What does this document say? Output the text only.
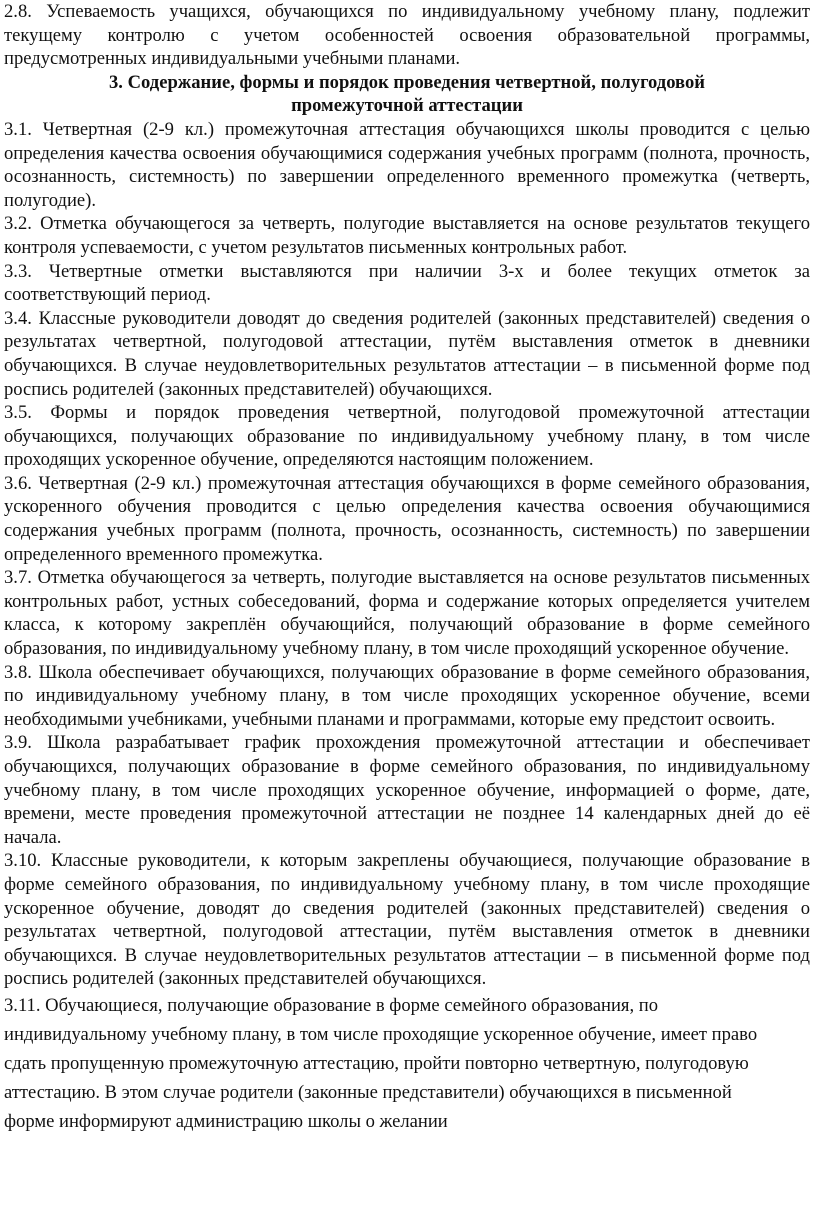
2.8. Успеваемость учащихся, обучающихся по индивидуальному учебному плану, подлежит текущему контролю с учетом особенностей освоения образовательной программы, предусмотренных индивидуальными учебными планами.

3. Содержание, формы и порядок проведения четвертной, полугодовой промежуточной аттестации

3.1. Четвертная (2-9 кл.) промежуточная аттестация обучающихся школы проводится с целью определения качества освоения обучающимися содержания учебных программ (полнота, прочность, осознанность, системность) по завершении определенного временного промежутка (четверть, полугодие).

3.2. Отметка обучающегося за четверть, полугодие выставляется на основе результатов текущего контроля успеваемости, с учетом результатов письменных контрольных работ.

3.3. Четвертные отметки выставляются при наличии 3-х и более текущих отметок за соответствующий период.

3.4. Классные руководители доводят до сведения родителей (законных представителей) сведения о результатах четвертной, полугодовой аттестации, путём выставления отметок в дневники обучающихся. В случае неудовлетворительных результатов аттестации – в письменной форме под роспись родителей (законных представителей) обучающихся.

3.5. Формы и порядок проведения четвертной, полугодовой промежуточной аттестации обучающихся, получающих образование по индивидуальному учебному плану, в том числе проходящих ускоренное обучение, определяются настоящим положением.

3.6. Четвертная (2-9 кл.) промежуточная аттестация обучающихся в форме семейного образования, ускоренного обучения проводится с целью определения качества освоения обучающимися содержания учебных программ (полнота, прочность, осознанность, системность) по завершении определенного временного промежутка.

3.7. Отметка обучающегося за четверть, полугодие выставляется на основе результатов письменных контрольных работ, устных собеседований, форма и содержание которых определяется учителем класса, к которому закреплён обучающийся, получающий образование в форме семейного образования, по индивидуальному учебному плану, в том числе проходящий ускоренное обучение.

3.8. Школа обеспечивает обучающихся, получающих образование в форме семейного образования, по индивидуальному учебному плану, в том числе проходящих ускоренное обучение, всеми необходимыми учебниками, учебными планами и программами, которые ему предстоит освоить.

3.9. Школа разрабатывает график прохождения промежуточной аттестации и обеспечивает обучающихся, получающих образование в форме семейного образования, по индивидуальному учебному плану, в том числе проходящих ускоренное обучение, информацией о форме, дате, времени, месте проведения промежуточной аттестации не позднее 14 календарных дней до её начала.

3.10. Классные руководители, к которым закреплены обучающиеся, получающие образование в форме семейного образования, по индивидуальному учебному плану, в том числе проходящие ускоренное обучение, доводят до сведения родителей (законных представителей) сведения о результатах четвертной, полугодовой аттестации, путём выставления отметок в дневники обучающихся. В случае неудовлетворительных результатов аттестации – в письменной форме под роспись родителей (законных представителей обучающихся.

3.11. Обучающиеся, получающие образование в форме семейного образования, по индивидуальному учебному плану, в том числе проходящие ускоренное обучение, имеет право сдать пропущенную промежуточную аттестацию, пройти повторно четвертную, полугодовую аттестацию. В этом случае родители (законные представители) обучающихся в письменной форме информируют администрацию школы о желании
